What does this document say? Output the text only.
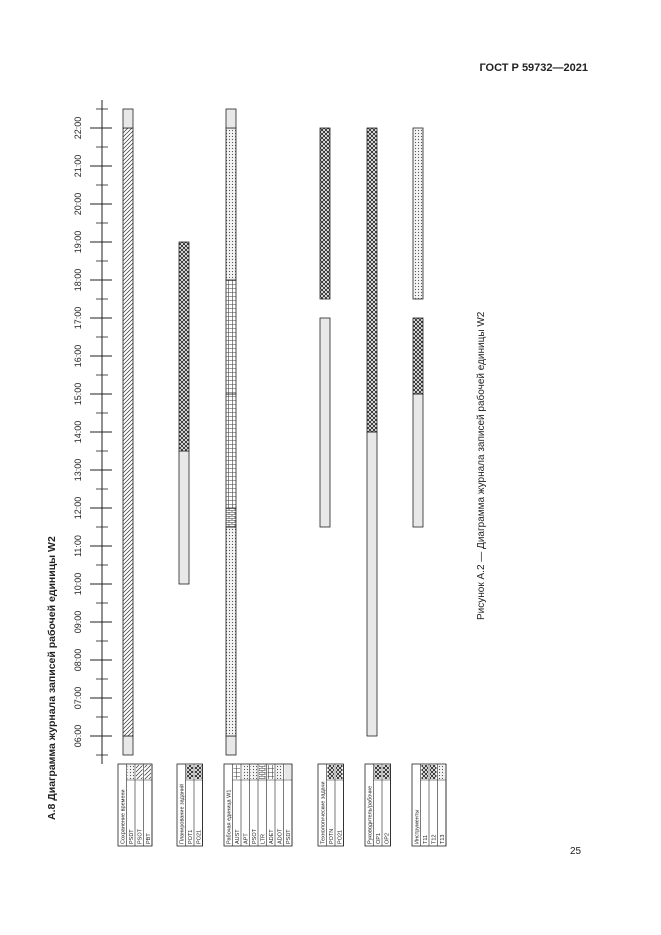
ГОСТ Р 59732—2021
А.8 Диаграмма журнала записей рабочей единицы W2
Рисунок А.2 — Диаграмма журнала записей рабочей единицы W2
25
06:00
07:00
08:00
09:00
10:00
11:00
12:00
13:00
14:00
15:00
16:00
17:00
18:00
19:00
20:00
21:00
22:00
Сохранение времени PSDT PSOT PBT	Планирование заданий POT1 PO21	Рабочая единица W1 AUST APT PSOT LTR ADET ADOT PSDT	Технологические задачи POTN PO21	Руководитель/рабочие OP1 OP2	Инструменты T11 T12 T13
